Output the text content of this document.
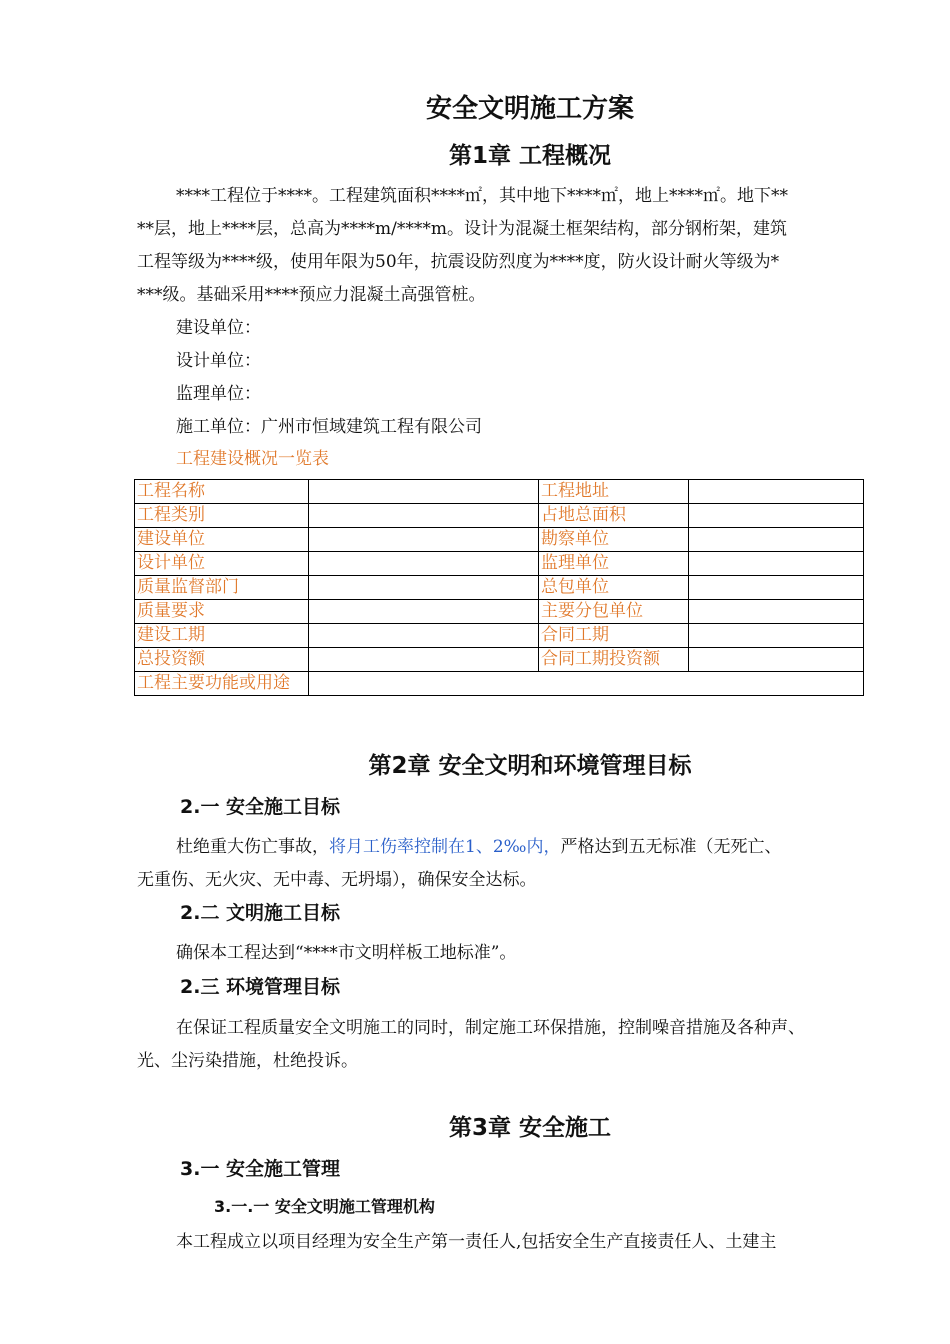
安全文明施工方案
第1章 工程概况
****工程位于****。工程建筑面积****㎡，其中地下****㎡，地上****㎡。地下**
**层，地上****层，总高为****m/****m。设计为混凝土框架结构，部分钢桁架，建筑
工程等级为****级，使用年限为50年，抗震设防烈度为****度，防火设计耐火等级为*
***级。基础采用****预应力混凝土高强管桩。
建设单位：
设计单位：
监理单位：
施工单位：广州市恒域建筑工程有限公司
工程建设概况一览表
工程名称		工程地址	
工程类别		占地总面积	
建设单位		勘察单位	
设计单位		监理单位	
质量监督部门		总包单位	
质量要求		主要分包单位	
建设工期		合同工期	
总投资额		合同工期投资额	
工程主要功能或用途			
第2章 安全文明和环境管理目标
2.一 安全施工目标
杜绝重大伤亡事故，将月工伤率控制在1、2‰内，严格达到五无标准（无死亡、
无重伤、无火灾、无中毒、无坍塌），确保安全达标。
2.二 文明施工目标
确保本工程达到“****市文明样板工地标准”。
2.三 环境管理目标
在保证工程质量安全文明施工的同时，制定施工环保措施，控制噪音措施及各种声、
光、尘污染措施，杜绝投诉。
第3章 安全施工
3.一 安全施工管理
3.一.一 安全文明施工管理机构
本工程成立以项目经理为安全生产第一责任人,包括安全生产直接责任人、土建主
